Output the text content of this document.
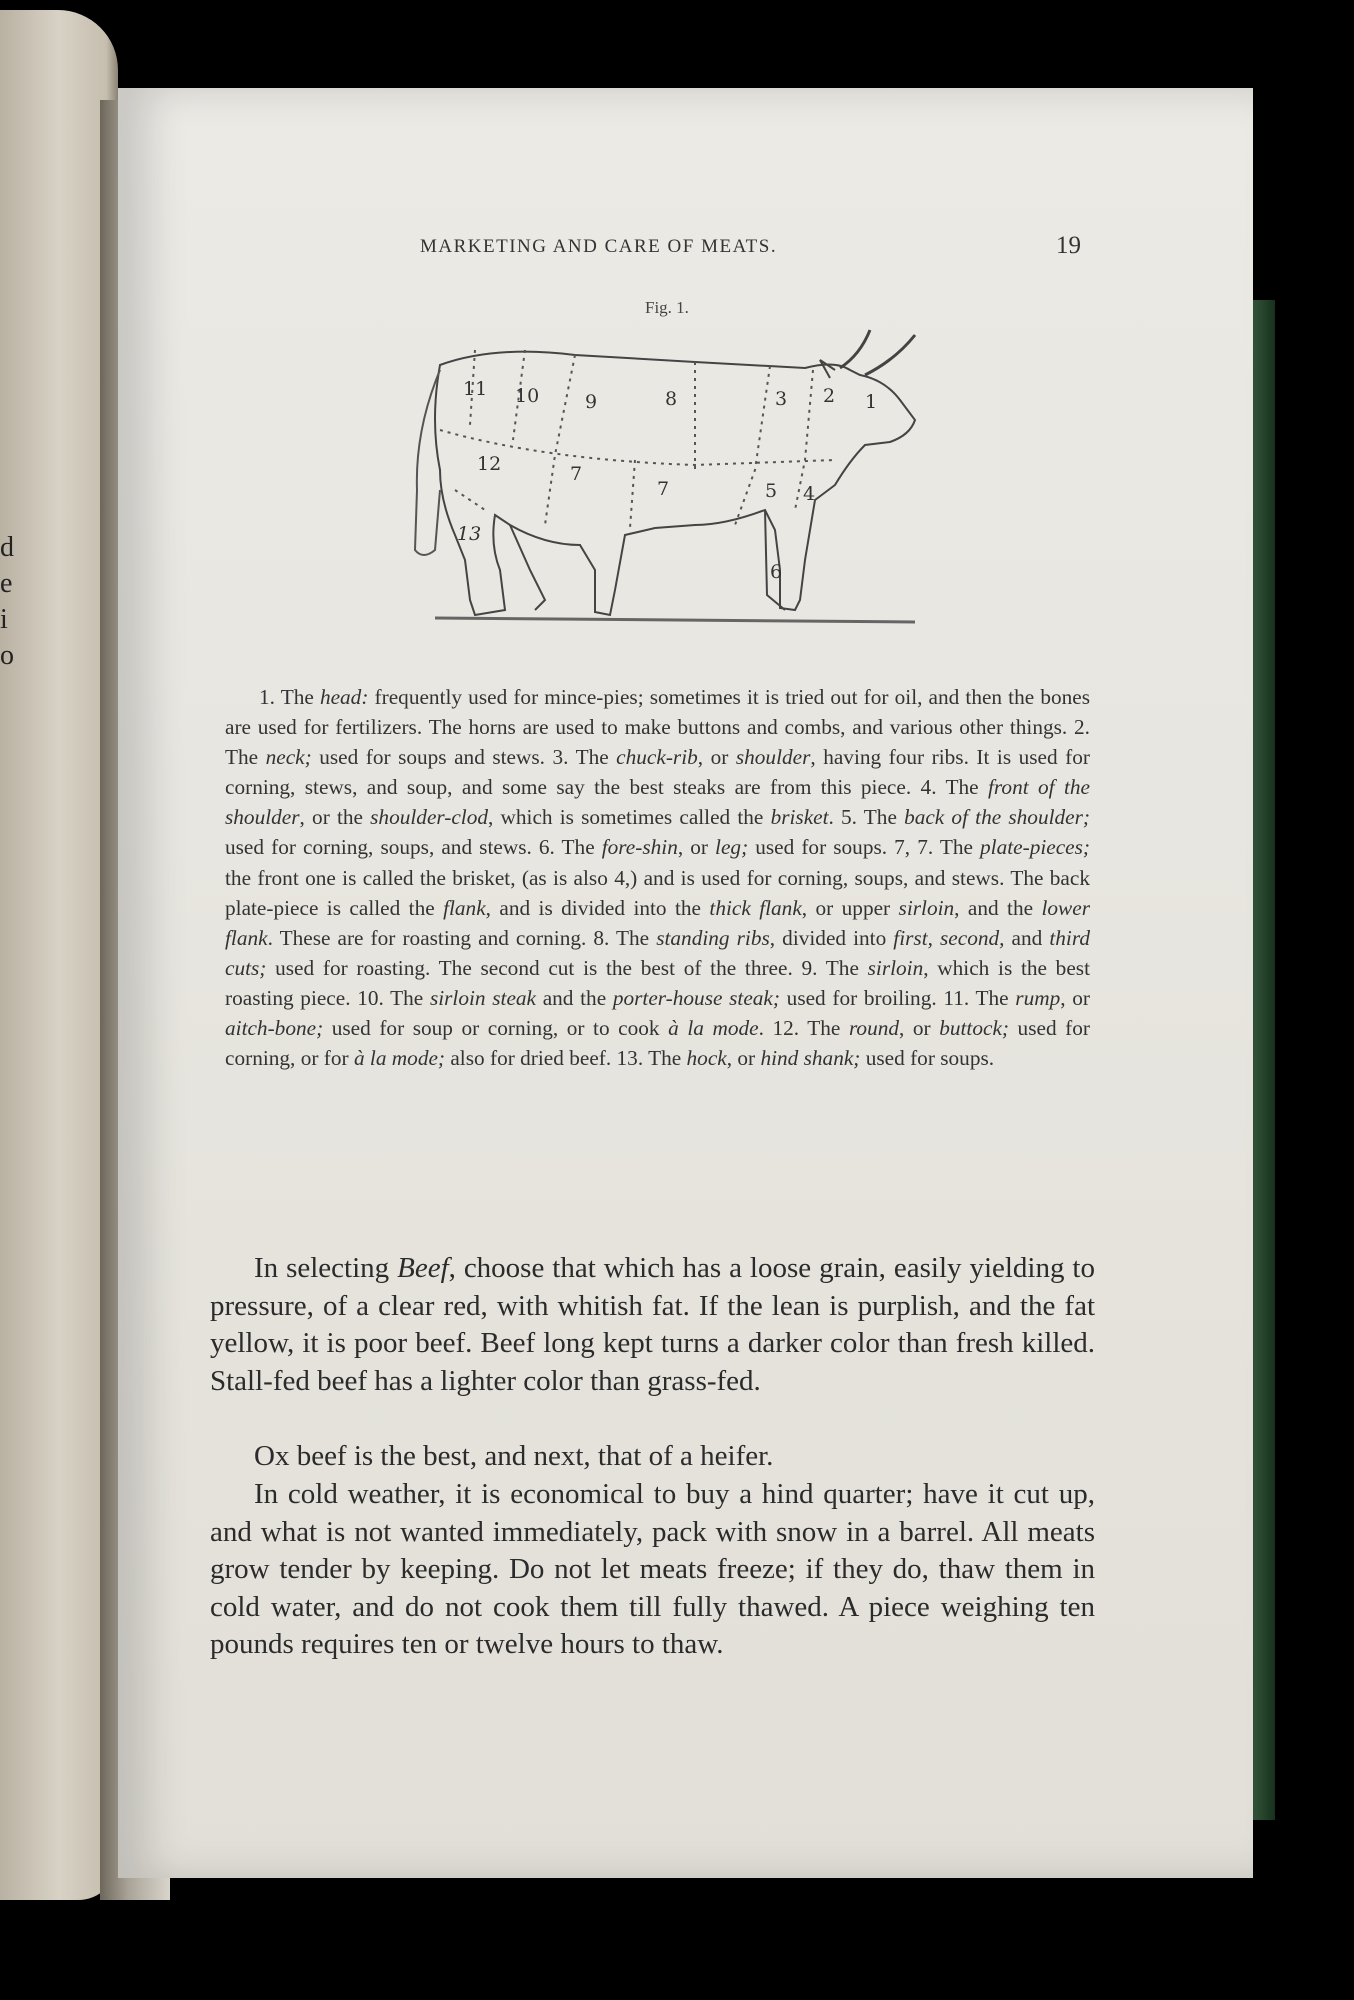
d
e
i
o
MARKETING AND CARE OF MEATS.	19
Fig. 1.
1
2
3
4
5
6
7
7
8
9
10
11
12
13
1. The head: frequently used for mince-pies; sometimes it is tried out for oil, and then the bones are used for fertilizers. The horns are used to make buttons and combs, and various other things. 2. The neck; used for soups and stews. 3. The chuck-rib, or shoulder, having four ribs. It is used for corning, stews, and soup, and some say the best steaks are from this piece. 4. The front of the shoulder, or the shoulder-clod, which is sometimes called the brisket. 5. The back of the shoulder; used for corning, soups, and stews. 6. The fore-shin, or leg; used for soups. 7, 7. The plate-pieces; the front one is called the brisket, (as is also 4,) and is used for corning, soups, and stews. The back plate-piece is called the flank, and is divided into the thick flank, or upper sirloin, and the lower flank. These are for roasting and corning. 8. The standing ribs, divided into first, second, and third cuts; used for roasting. The second cut is the best of the three. 9. The sirloin, which is the best roasting piece. 10. The sirloin steak and the porter-house steak; used for broiling. 11. The rump, or aitch-bone; used for soup or corning, or to cook à la mode. 12. The round, or buttock; used for corning, or for à la mode; also for dried beef. 13. The hock, or hind shank; used for soups.

In selecting Beef, choose that which has a loose grain, easily yielding to pressure, of a clear red, with whitish fat. If the lean is purplish, and the fat yellow, it is poor beef. Beef long kept turns a darker color than fresh killed. Stall-fed beef has a lighter color than grass-fed.

Ox beef is the best, and next, that of a heifer.

In cold weather, it is economical to buy a hind quarter; have it cut up, and what is not wanted immediately, pack with snow in a barrel. All meats grow tender by keeping. Do not let meats freeze; if they do, thaw them in cold water, and do not cook them till fully thawed. A piece weighing ten pounds requires ten or twelve hours to thaw.
